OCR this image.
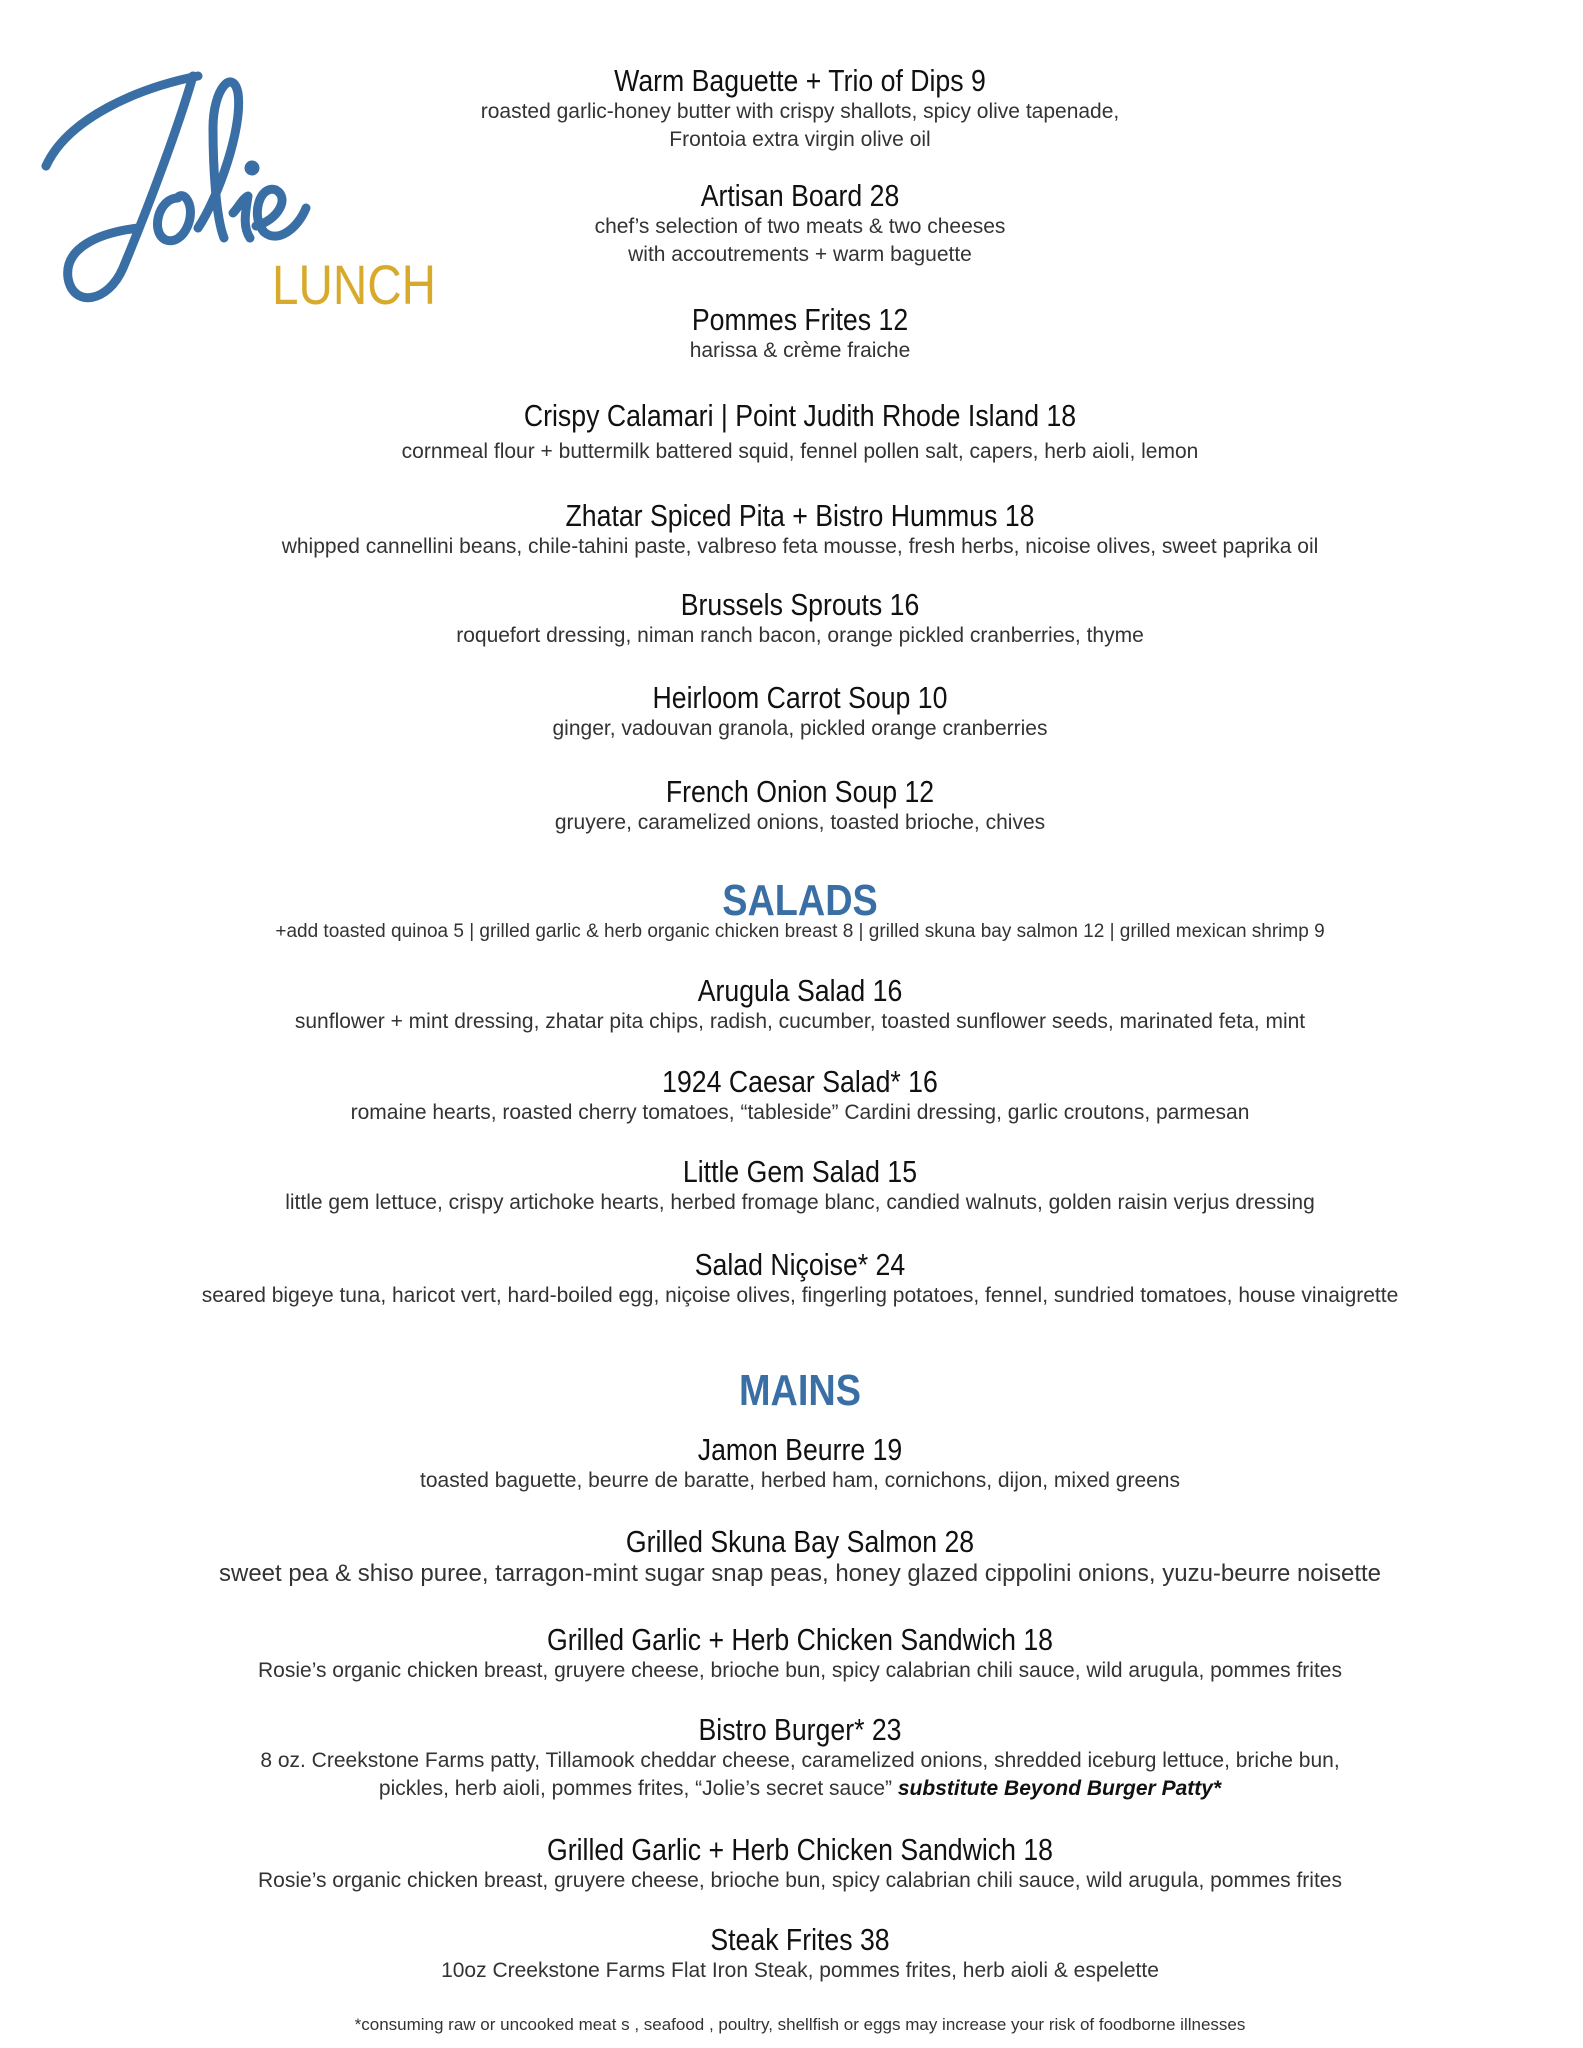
LUNCH
Warm Baguette + Trio of Dips 9
roasted garlic-honey butter with crispy shallots, spicy olive tapenade,
Frontoia extra virgin olive oil
Artisan Board 28
chef’s selection of two meats & two cheeses
with accoutrements + warm baguette
Pommes Frites 12
harissa & crème fraiche
Crispy Calamari | Point Judith Rhode Island 18
cornmeal flour + buttermilk battered squid, fennel pollen salt, capers, herb aioli, lemon
Zhatar Spiced Pita + Bistro Hummus 18
whipped cannellini beans, chile-tahini paste, valbreso feta mousse, fresh herbs, nicoise olives, sweet paprika oil
Brussels Sprouts 16
roquefort dressing, niman ranch bacon, orange pickled cranberries, thyme
Heirloom Carrot Soup 10
ginger, vadouvan granola, pickled orange cranberries
French Onion Soup 12
gruyere, caramelized onions, toasted brioche, chives
SALADS
+add toasted quinoa 5 | grilled garlic & herb organic chicken breast 8 | grilled skuna bay salmon 12 | grilled mexican shrimp 9
Arugula Salad 16
sunflower + mint dressing, zhatar pita chips, radish, cucumber, toasted sunflower seeds, marinated feta, mint
1924 Caesar Salad* 16
romaine hearts, roasted cherry tomatoes, “tableside” Cardini dressing, garlic croutons, parmesan
Little Gem Salad 15
little gem lettuce, crispy artichoke hearts, herbed fromage blanc, candied walnuts, golden raisin verjus dressing
Salad Niçoise* 24
seared bigeye tuna, haricot vert, hard-boiled egg, niçoise olives, fingerling potatoes, fennel, sundried tomatoes, house vinaigrette
MAINS
Jamon Beurre 19
toasted baguette, beurre de baratte, herbed ham, cornichons, dijon, mixed greens
Grilled Skuna Bay Salmon 28
sweet pea & shiso puree, tarragon-mint sugar snap peas, honey glazed cippolini onions, yuzu-beurre noisette
Grilled Garlic + Herb Chicken Sandwich 18
Rosie’s organic chicken breast, gruyere cheese, brioche bun, spicy calabrian chili sauce, wild arugula, pommes frites
Bistro Burger* 23
8 oz. Creekstone Farms patty, Tillamook cheddar cheese, caramelized onions, shredded iceburg lettuce, briche bun,
pickles, herb aioli, pommes frites, “Jolie’s secret sauce” substitute Beyond Burger Patty*
Grilled Garlic + Herb Chicken Sandwich 18
Rosie’s organic chicken breast, gruyere cheese, brioche bun, spicy calabrian chili sauce, wild arugula, pommes frites
Steak Frites 38
10oz Creekstone Farms Flat Iron Steak, pommes frites, herb aioli & espelette
*consuming raw or uncooked meat s , seafood , poultry, shellfish or eggs may increase your risk of foodborne illnesses
